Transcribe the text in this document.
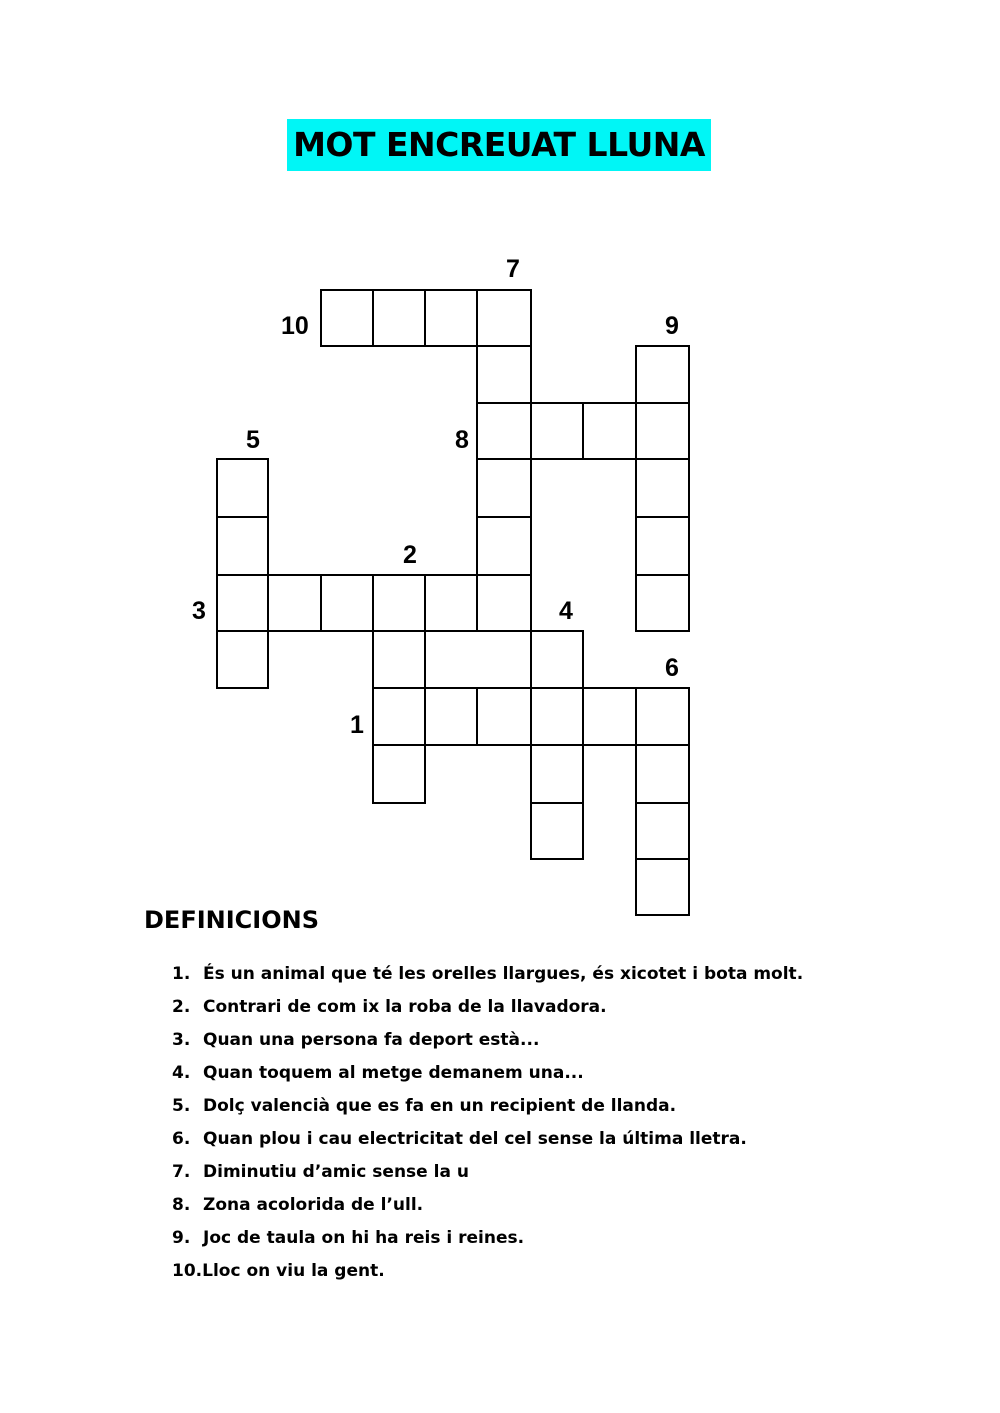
MOT ENCREUAT LLUNA
7
10	9
5	8
2
3	4
6
1
DEFINICIONS
1. És un animal que té les orelles llargues, és xicotet i bota molt.
2. Contrari de com ix la roba de la llavadora.
3. Quan una persona fa deport està...
4. Quan toquem al metge demanem una...
5. Dolç valencià que es fa en un recipient de llanda.
6. Quan plou i cau electricitat del cel sense la última lletra.
7. Diminutiu d’amic sense la u
8. Zona acolorida de l’ull.
9. Joc de taula on hi ha reis i reines.
10.Lloc on viu la gent.
